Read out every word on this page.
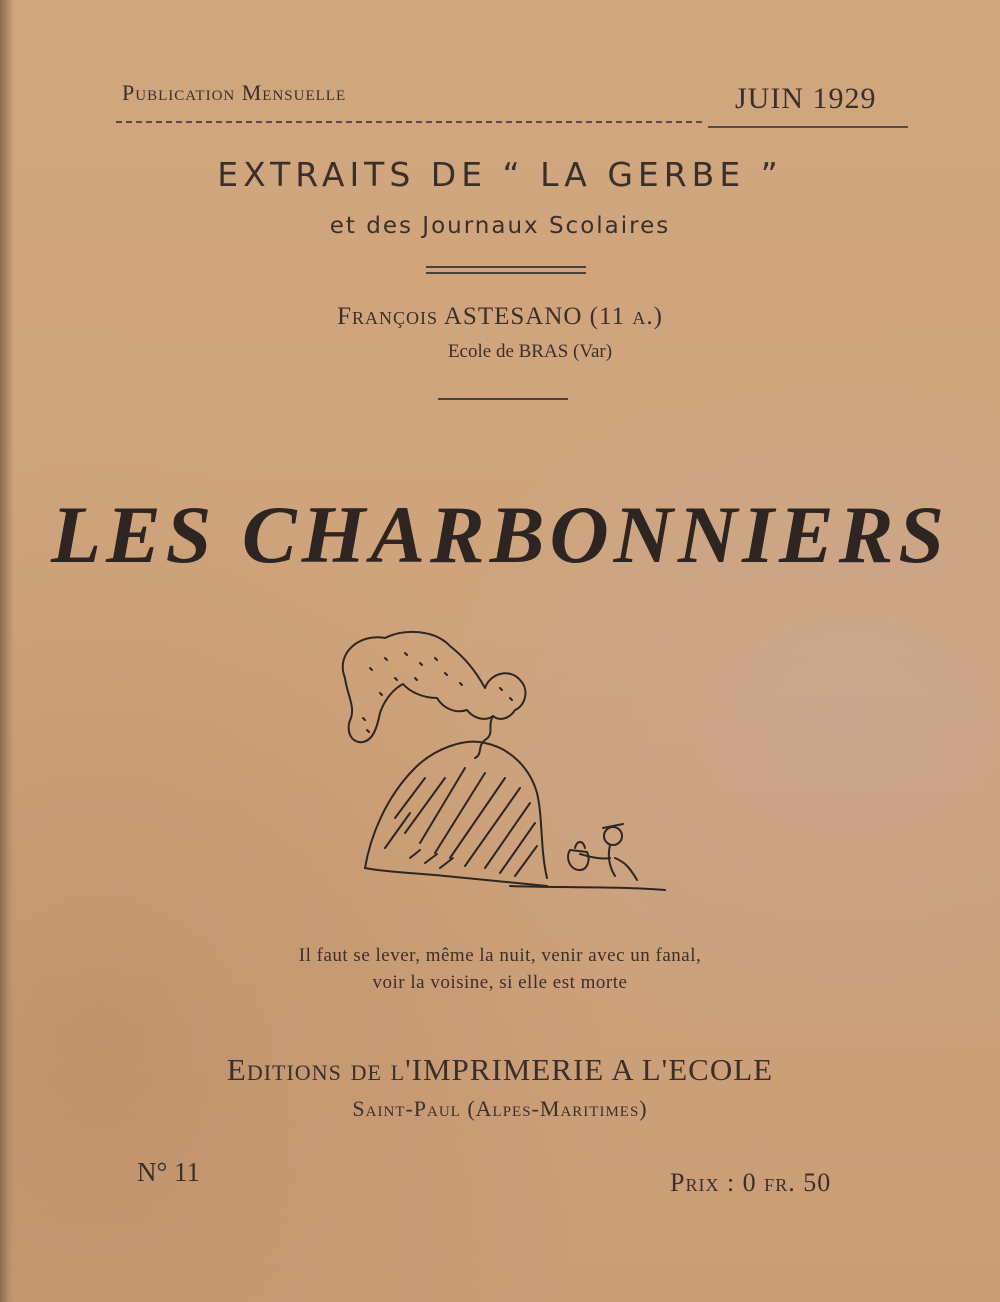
Publication Mensuelle	JUIN 1929
EXTRAITS DE “ LA GERBE ”
et des Journaux Scolaires
François ASTESANO (11 a.)
Ecole de BRAS (Var)
LES CHARBONNIERS
Il faut se lever, même la nuit, venir avec un fanal,
voir la voisine, si elle est morte
Editions de l'IMPRIMERIE A L'ECOLE
Saint-Paul (Alpes-Maritimes)
N° 11	Prix : 0 fr. 50
